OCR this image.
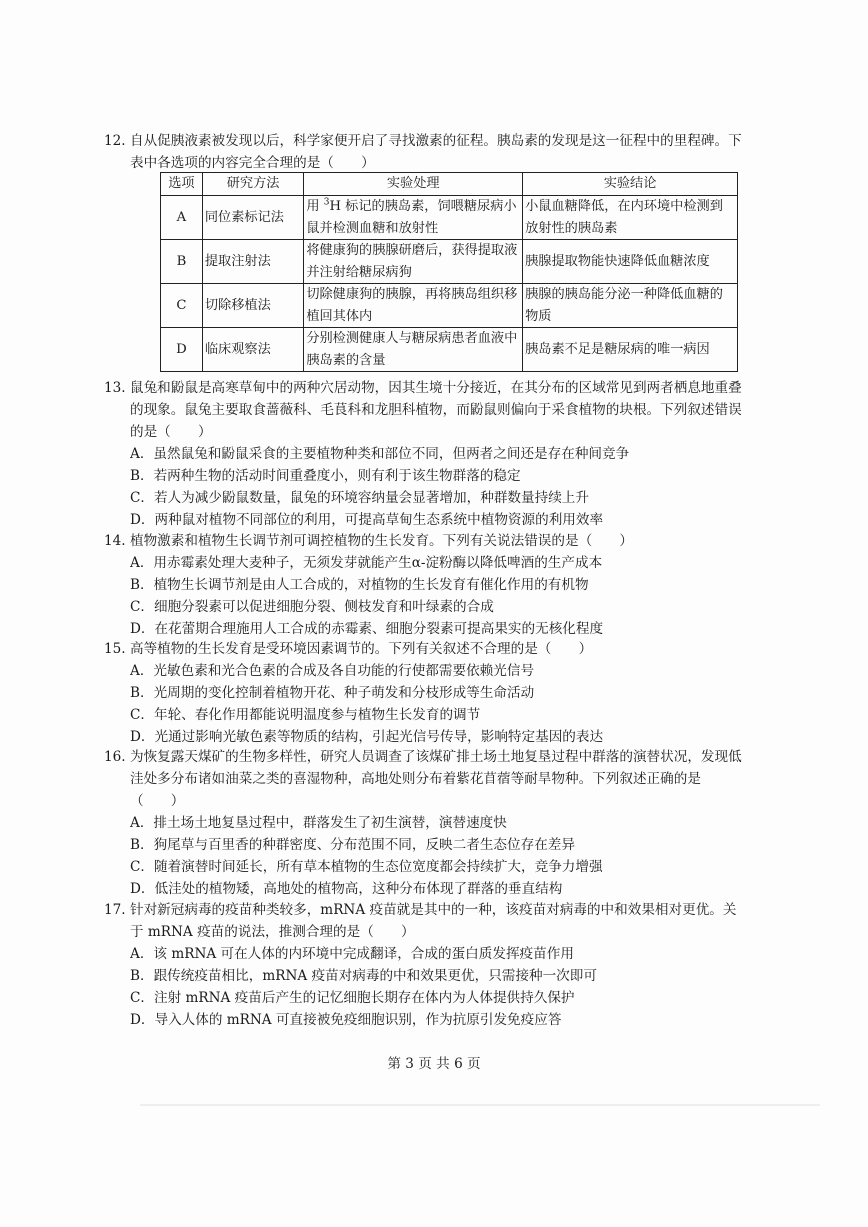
12. 自从促胰液素被发现以后，科学家便开启了寻找激素的征程。胰岛素的发现是这一征程中的里程碑。下表中各选项的内容完全合理的是（　　）

选项	研究方法	实验处理	实验结论
A	同位素标记法	用 $^3$H 标记的胰岛素，饲喂糖尿病小鼠并检测血糖和放射性	小鼠血糖降低，在内环境中检测到放射性的胰岛素
B	提取注射法	将健康狗的胰腺研磨后，获得提取液并注射给糖尿病狗	胰腺提取物能快速降低血糖浓度
C	切除移植法	切除健康狗的胰腺，再将胰岛组织移植回其体内	胰腺的胰岛能分泌一种降低血糖的物质
D	临床观察法	分别检测健康人与糖尿病患者血液中胰岛素的含量	胰岛素不足是糖尿病的唯一病因
13. 鼠兔和鼢鼠是高寒草甸中的两种穴居动物，因其生境十分接近，在其分布的区域常见到两者栖息地重叠的现象。鼠兔主要取食蔷薇科、毛茛科和龙胆科植物，而鼢鼠则偏向于采食植物的块根。下列叙述错误的是（　　）

A．虽然鼠兔和鼢鼠采食的主要植物种类和部位不同，但两者之间还是存在种间竞争
B．若两种生物的活动时间重叠度小，则有利于该生物群落的稳定
C．若人为减少鼢鼠数量，鼠兔的环境容纳量会显著增加，种群数量持续上升
D．两种鼠对植物不同部位的利用，可提高草甸生态系统中植物资源的利用效率
14. 植物激素和植物生长调节剂可调控植物的生长发育。下列有关说法错误的是（　　）

A．用赤霉素处理大麦种子，无须发芽就能产生α-淀粉酶以降低啤酒的生产成本
B．植物生长调节剂是由人工合成的，对植物的生长发育有催化作用的有机物
C．细胞分裂素可以促进细胞分裂、侧枝发育和叶绿素的合成
D．在花蕾期合理施用人工合成的赤霉素、细胞分裂素可提高果实的无核化程度
15. 高等植物的生长发育是受环境因素调节的。下列有关叙述不合理的是（　　）

A．光敏色素和光合色素的合成及各自功能的行使都需要依赖光信号
B．光周期的变化控制着植物开花、种子萌发和分枝形成等生命活动
C．年轮、春化作用都能说明温度参与植物生长发育的调节
D．光通过影响光敏色素等物质的结构，引起光信号传导，影响特定基因的表达
16. 为恢复露天煤矿的生物多样性，研究人员调查了该煤矿排土场土地复垦过程中群落的演替状况，发现低洼处多分布诸如油菜之类的喜湿物种，高地处则分布着紫花苜蓿等耐旱物种。下列叙述正确的是（　　）

A．排土场土地复垦过程中，群落发生了初生演替，演替速度快
B．狗尾草与百里香的种群密度、分布范围不同，反映二者生态位存在差异
C．随着演替时间延长，所有草本植物的生态位宽度都会持续扩大，竞争力增强
D．低洼处的植物矮，高地处的植物高，这种分布体现了群落的垂直结构
17. 针对新冠病毒的疫苗种类较多，mRNA 疫苗就是其中的一种，该疫苗对病毒的中和效果相对更优。关于 mRNA 疫苗的说法，推测合理的是（　　）

A．该 mRNA 可在人体的内环境中完成翻译，合成的蛋白质发挥疫苗作用
B．跟传统疫苗相比，mRNA 疫苗对病毒的中和效果更优，只需接种一次即可
C．注射 mRNA 疫苗后产生的记忆细胞长期存在体内为人体提供持久保护
D．导入人体的 mRNA 可直接被免疫细胞识别，作为抗原引发免疫应答
第 3 页 共 6 页
